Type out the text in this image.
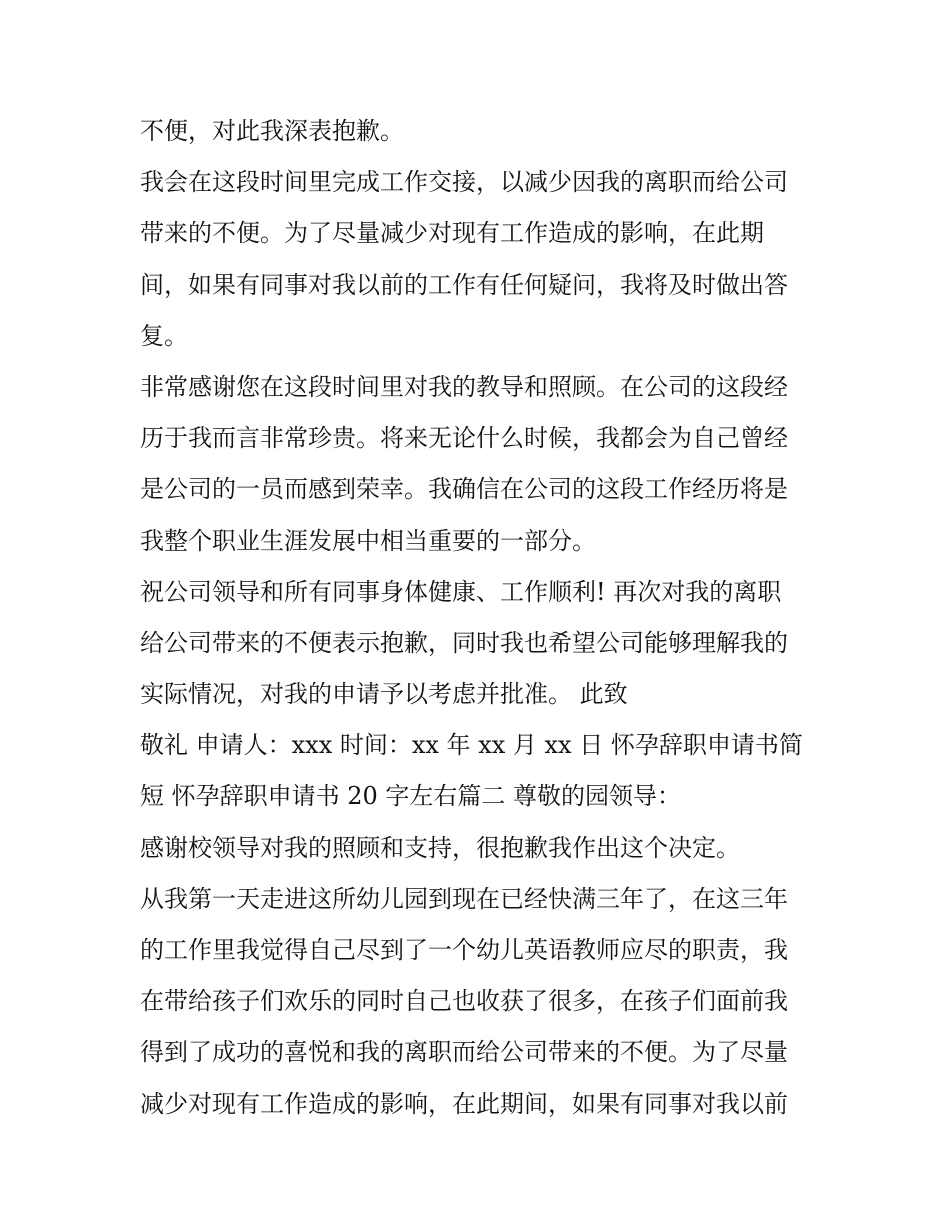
不便，对此我深表抱歉。
我会在这段时间里完成工作交接，以减少因我的离职而给公司
带来的不便。为了尽量减少对现有工作造成的影响，在此期
间，如果有同事对我以前的工作有任何疑问，我将及时做出答
复。
非常感谢您在这段时间里对我的教导和照顾。在公司的这段经
历于我而言非常珍贵。将来无论什么时候，我都会为自己曾经
是公司的一员而感到荣幸。我确信在公司的这段工作经历将是
我整个职业生涯发展中相当重要的一部分。
祝公司领导和所有同事身体健康、工作顺利! 再次对我的离职
给公司带来的不便表示抱歉，同时我也希望公司能够理解我的
实际情况，对我的申请予以考虑并批准。 此致
敬礼 申请人：xxx 时间：xx 年 xx 月 xx 日 怀孕辞职申请书简
短 怀孕辞职申请书 20 字左右篇二 尊敬的园领导：
感谢校领导对我的照顾和支持，很抱歉我作出这个决定。
从我第一天走进这所幼儿园到现在已经快满三年了，在这三年
的工作里我觉得自己尽到了一个幼儿英语教师应尽的职责，我
在带给孩子们欢乐的同时自己也收获了很多，在孩子们面前我
得到了成功的喜悦和我的离职而给公司带来的不便。为了尽量
减少对现有工作造成的影响，在此期间，如果有同事对我以前
